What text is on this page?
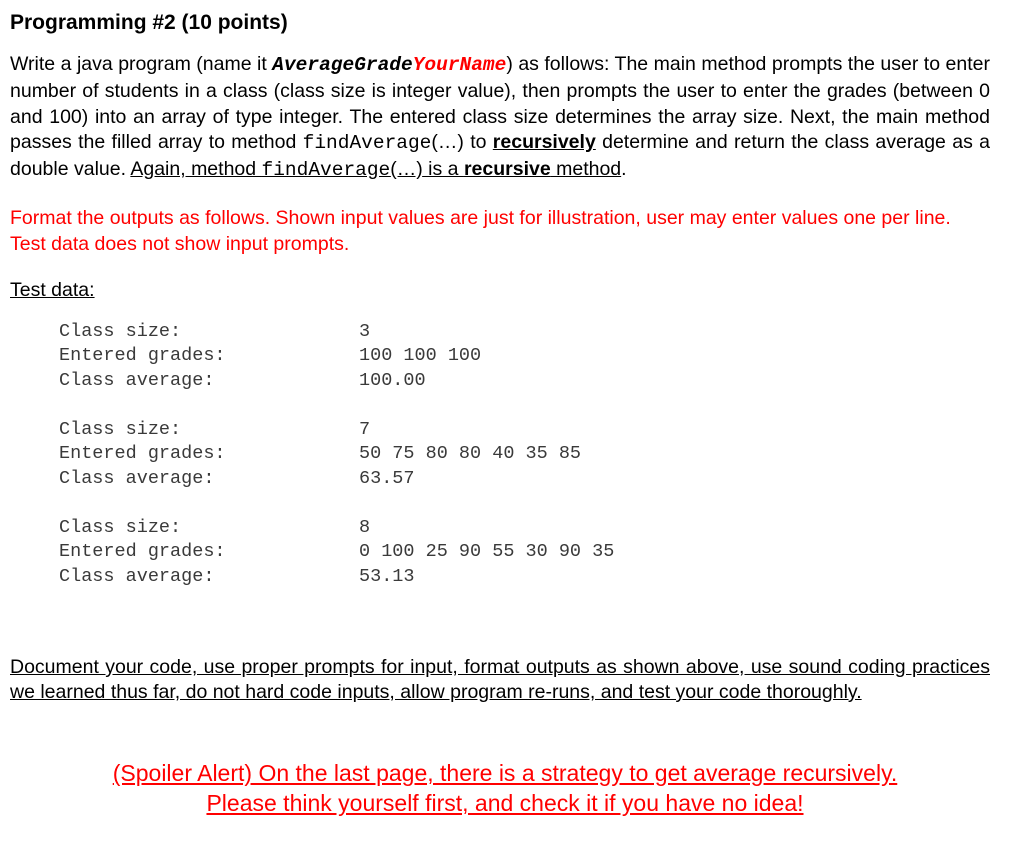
Programming #2 (10 points)

Write a java program (name it AverageGradeYourName) as follows: The main method prompts the user to enter number of students in a class (class size is integer value), then prompts the user to enter the grades (between 0 and 100) into an array of type integer. The entered class size determines the array size. Next, the main method passes the filled array to method findAverage(…) to recursively determine and return the class average as a double value. Again, method findAverage(…) is a recursive method.

Format the outputs as follows. Shown input values are just for illustration, user may enter values one per line. Test data does not show input prompts.

Test data:
Class size:	3
Entered grades:	100 100 100
Class average:	100.00
Class size:	7
Entered grades:	50 75 80 80 40 35 85
Class average:	63.57
Class size:	8
Entered grades:	0 100 25 90 55 30 90 35
Class average:	53.13

Document your code, use proper prompts for input, format outputs as shown above, use sound coding practices we learned thus far, do not hard code inputs, allow program re-runs, and test your code thoroughly.

(Spoiler Alert) On the last page, there is a strategy to get average recursively.
Please think yourself first, and check it if you have no idea!
